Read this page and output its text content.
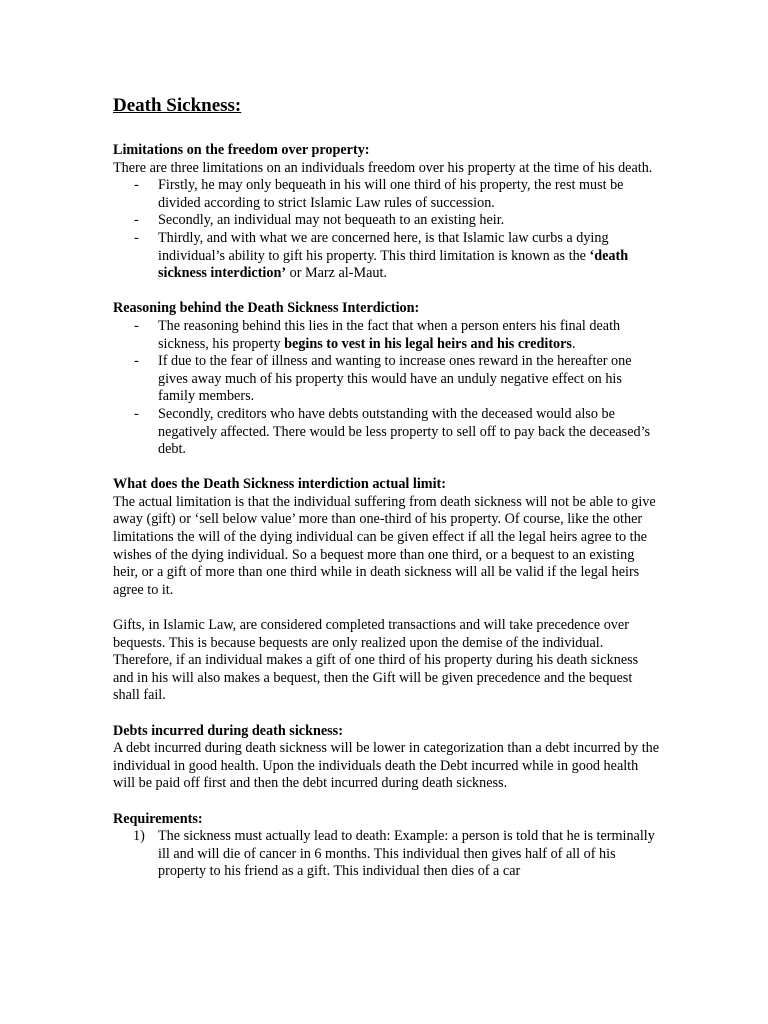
Death Sickness:

Limitations on the freedom over property:

There are three limitations on an individuals freedom over his property at the time of his death.

- Firstly, he may only bequeath in his will one third of his property, the rest must be divided according to strict Islamic Law rules of succession.
- Secondly, an individual may not bequeath to an existing heir.
- Thirdly, and with what we are concerned here, is that Islamic law curbs a dying individual’s ability to gift his property. This third limitation is known as the ‘death sickness interdiction’ or Marz al-Maut.

Reasoning behind the Death Sickness Interdiction:

- The reasoning behind this lies in the fact that when a person enters his final death sickness, his property begins to vest in his legal heirs and his creditors.
- If due to the fear of illness and wanting to increase ones reward in the hereafter one gives away much of his property this would have an unduly negative effect on his family members.
- Secondly, creditors who have debts outstanding with the deceased would also be negatively affected. There would be less property to sell off to pay back the deceased’s debt.

What does the Death Sickness interdiction actual limit:

The actual limitation is that the individual suffering from death sickness will not be able to give away (gift) or ‘sell below value’ more than one-third of his property. Of course, like the other limitations the will of the dying individual can be given effect if all the legal heirs agree to the wishes of the dying individual. So a bequest more than one third, or a bequest to an existing heir, or a gift of more than one third while in death sickness will all be valid if the legal heirs agree to it.

Gifts, in Islamic Law, are considered completed transactions and will take precedence over bequests. This is because bequests are only realized upon the demise of the individual. Therefore, if an individual makes a gift of one third of his property during his death sickness and in his will also makes a bequest, then the Gift will be given precedence and the bequest shall fail.

Debts incurred during death sickness:

A debt incurred during death sickness will be lower in categorization than a debt incurred by the individual in good health. Upon the individuals death the Debt incurred while in good health will be paid off first and then the debt incurred during death sickness.

Requirements:

1) The sickness must actually lead to death: Example: a person is told that he is terminally ill and will die of cancer in 6 months. This individual then gives half of all of his property to his friend as a gift. This individual then dies of a car
